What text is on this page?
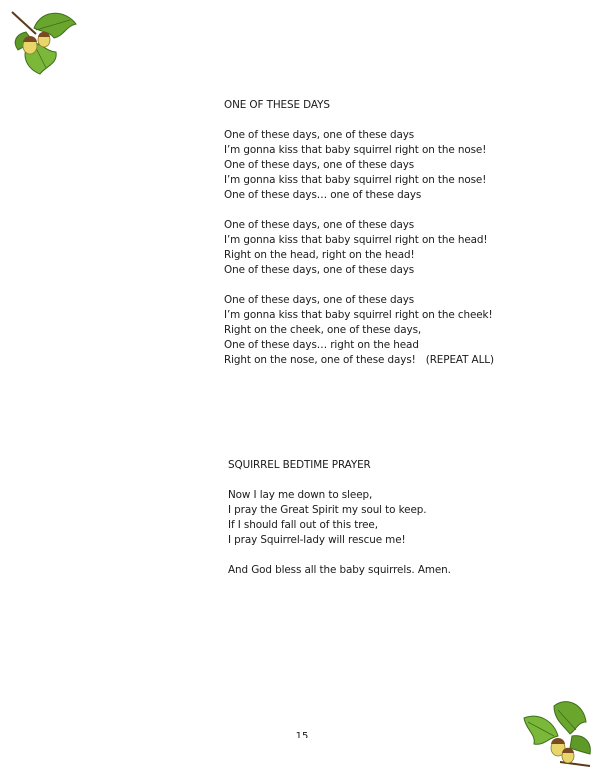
ONE OF THESE DAYS
One of these days, one of these days
I’m gonna kiss that baby squirrel right on the nose!
One of these days, one of these days
I’m gonna kiss that baby squirrel right on the nose!
One of these days… one of these days
One of these days, one of these days
I’m gonna kiss that baby squirrel right on the head!
Right on the head, right on the head!
One of these days, one of these days
One of these days, one of these days
I’m gonna kiss that baby squirrel right on the cheek!
Right on the cheek, one of these days,
One of these days… right on the head
Right on the nose, one of these days! (REPEAT ALL)
SQUIRREL BEDTIME PRAYER
Now I lay me down to sleep,
I pray the Great Spirit my soul to keep.
If I should fall out of this tree,
I pray Squirrel-lady will rescue me!
And God bless all the baby squirrels. Amen.
15
